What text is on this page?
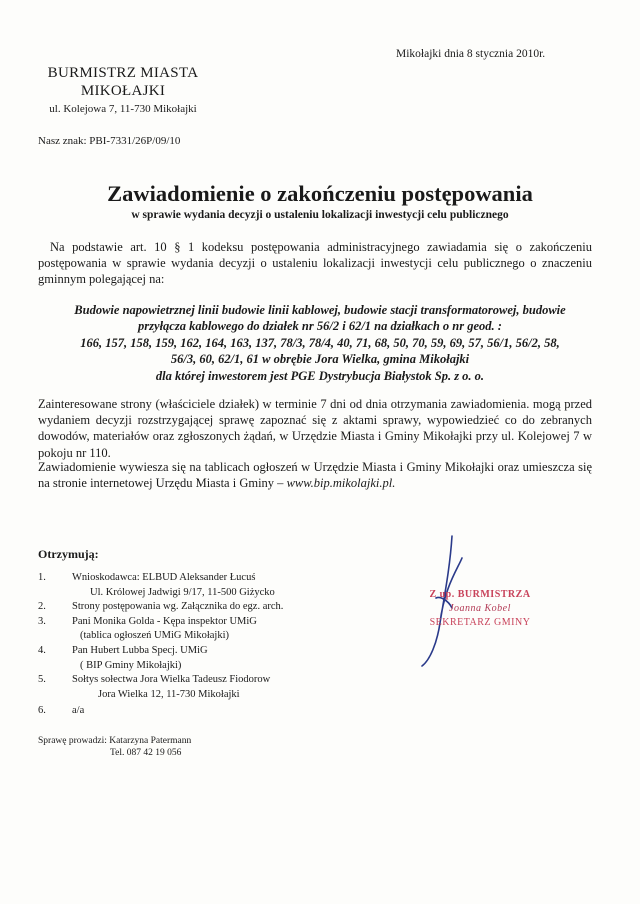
Mikołajki dnia 8 stycznia 2010r.
BURMISTRZ MIASTA
MIKOŁAJKI
ul. Kolejowa 7, 11-730 Mikołajki
Nasz znak: PBI-7331/26P/09/10
Zawiadomienie o zakończeniu postępowania
w sprawie wydania decyzji o ustaleniu lokalizacji inwestycji celu publicznego
Na podstawie art. 10 § 1 kodeksu postępowania administracyjnego zawiadamia się o zakończeniu postępowania w sprawie wydania decyzji o ustaleniu lokalizacji inwestycji celu publicznego o znaczeniu gminnym polegającej na:
Budowie napowietrznej linii budowie linii kablowej, budowie stacji transformatorowej, budowie
przyłącza kablowego do działek nr 56/2 i 62/1 na działkach o nr geod. :
166, 157, 158, 159, 162, 164, 163, 137, 78/3, 78/4, 40, 71, 68, 50, 70, 59, 69, 57, 56/1, 56/2, 58,
56/3, 60, 62/1, 61 w obrębie Jora Wielka, gmina Mikołajki
dla której inwestorem jest PGE Dystrybucja Białystok Sp. z o. o.
Zainteresowane strony (właściciele działek) w terminie 7 dni od dnia otrzymania zawiadomienia. mogą przed wydaniem decyzji rozstrzygającej sprawę zapoznać się z aktami sprawy, wypowiedzieć co do zebranych dowodów, materiałów oraz zgłoszonych żądań, w Urzędzie Miasta i Gminy Mikołajki przy ul. Kolejowej 7 w pokoju nr 110.
Zawiadomienie wywiesza się na tablicach ogłoszeń w Urzędzie Miasta i Gminy Mikołajki oraz umieszcza się na stronie internetowej Urzędu Miasta i Gminy – www.bip.mikolajki.pl.
Otrzymują:
1.	Wnioskodawca: ELBUD Aleksander Łucuś
Ul. Królowej Jadwigi 9/17, 11-500 Giżycko
2.	Strony postępowania wg. Załącznika do egz. arch.
3.	Pani Monika Golda - Kępa inspektor UMiG
(tablica ogłoszeń UMiG Mikołajki)
4.	Pan Hubert Lubba Specj. UMiG
( BIP Gminy Mikołajki)
5.	Sołtys sołectwa Jora Wielka Tadeusz Fiodorow
Jora Wielka 12, 11-730 Mikołajki
6.	a/a
Sprawę prowadzi: Katarzyna Patermann
Tel. 087 42 19 056
Z up. BURMISTRZA
Joanna Kobel
SEKRETARZ GMINY
